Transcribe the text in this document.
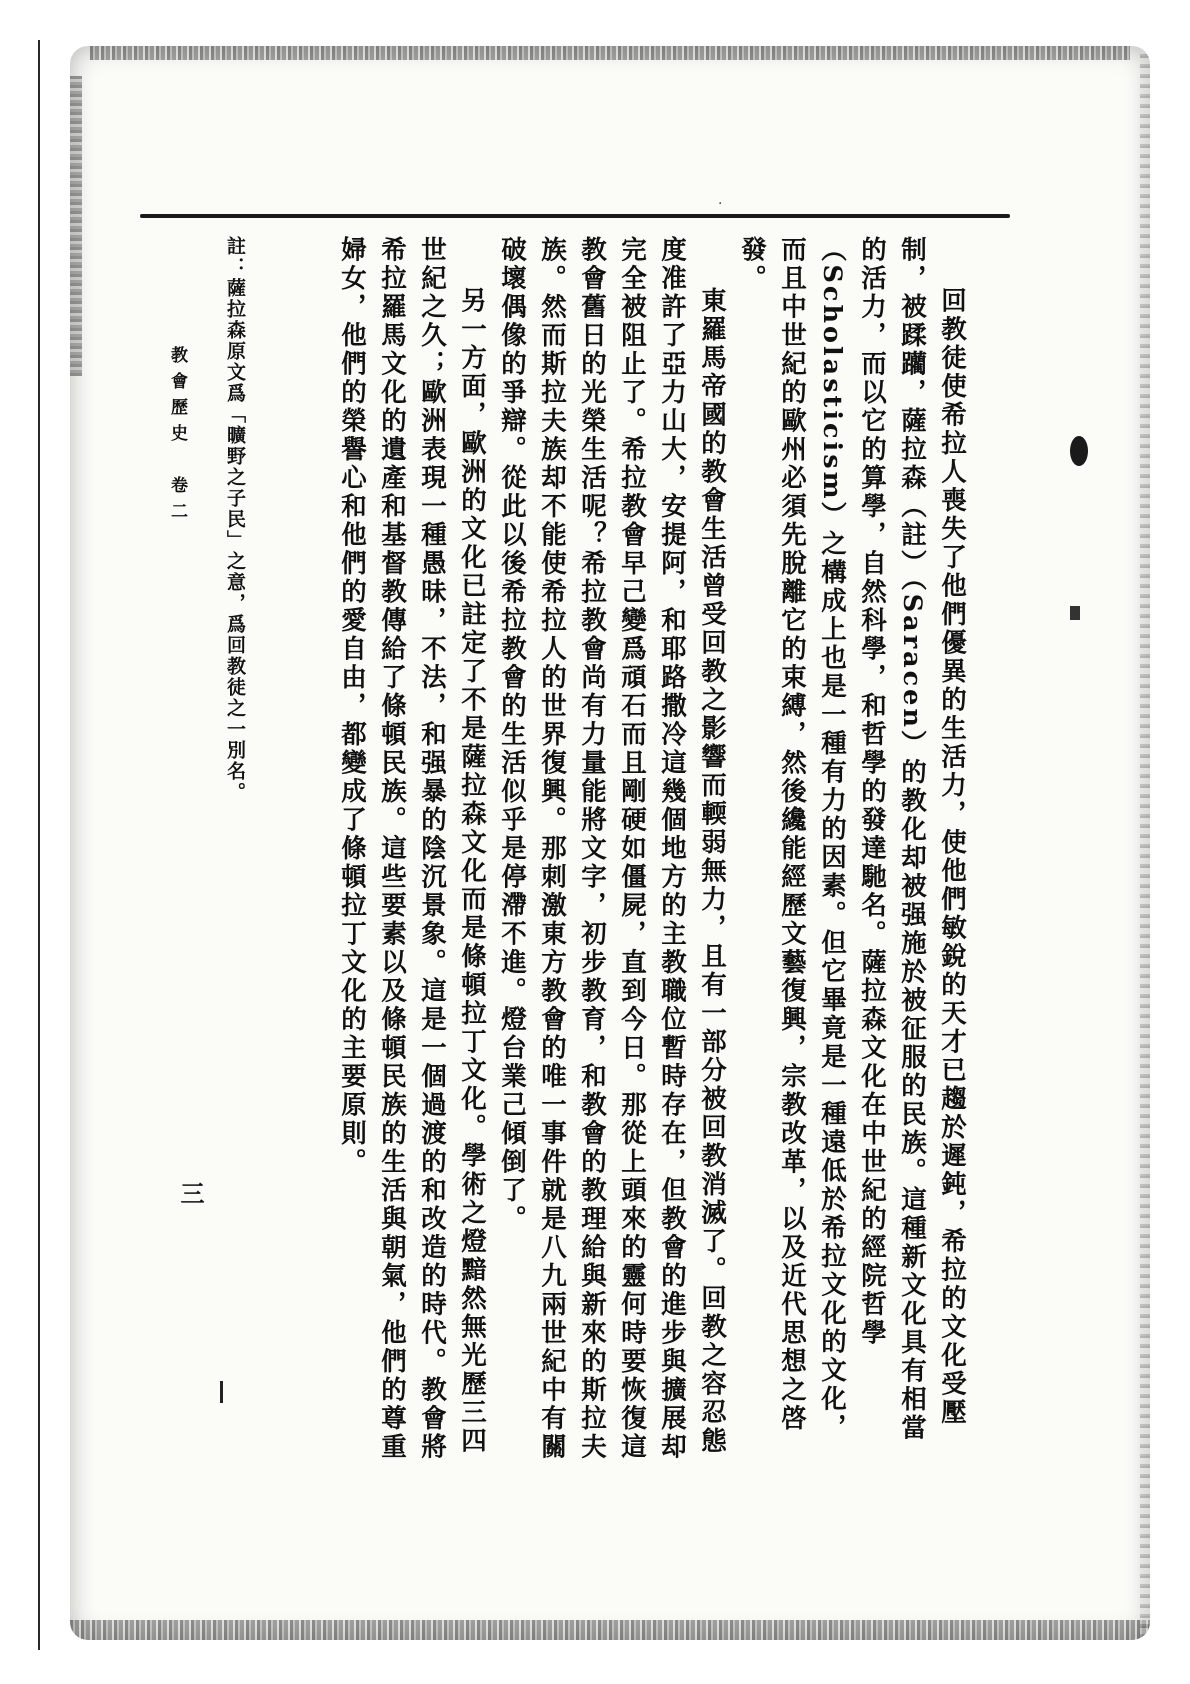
·

回教徒使希拉人喪失了他們優異的生活力，使他們敏銳的天才已趨於遲鈍，希拉的文化受壓制，被蹂躪，薩拉森（註）（Saracen）的教化却被强施於被征服的民族。這種新文化具有相當的活力，而以它的算學，自然科學，和哲學的發達馳名。薩拉森文化在中世紀的經院哲學（Scholasticism）之構成上也是一種有力的因素。但它畢竟是一種遠低於希拉文化的文化，而且中世紀的歐州必須先脫離它的束縛，然後纔能經歷文藝復興，宗教改革，以及近代思想之啓發。

東羅馬帝國的教會生活曾受回教之影響而輭弱無力，且有一部分被回教消滅了。回教之容忍態度准許了亞力山大，安提阿，和耶路撒冷這幾個地方的主教職位暫時存在，但教會的進步與擴展却完全被阻止了。希拉教會早己變爲頑石而且剛硬如僵屍，直到今日。那從上頭來的靈何時要恢復這教會舊日的光榮生活呢？希拉教會尚有力量能將文字，初步教育，和教會的教理給與新來的斯拉夫族。然而斯拉夫族却不能使希拉人的世界復興。那刺激東方教會的唯一事件就是八九兩世紀中有關破壞偶像的爭辯。從此以後希拉教會的生活似乎是停滯不進。燈台業己傾倒了。

另一方面，歐洲的文化已註定了不是薩拉森文化而是條頓拉丁文化。學術之燈黯然無光歷三四世紀之久；歐洲表現一種愚昧，不法，和强暴的陰沉景象。這是一個過渡的和改造的時代。教會將希拉羅馬文化的遺產和基督教傳給了條頓民族。這些要素以及條頓民族的生活與朝氣，他們的尊重婦女，他們的榮譽心和他們的愛自由，都變成了條頓拉丁文化的主要原則。

註：薩拉森原文爲「曠野之子民」之意，爲回教徒之一別名。
教會歷史　卷二
三
